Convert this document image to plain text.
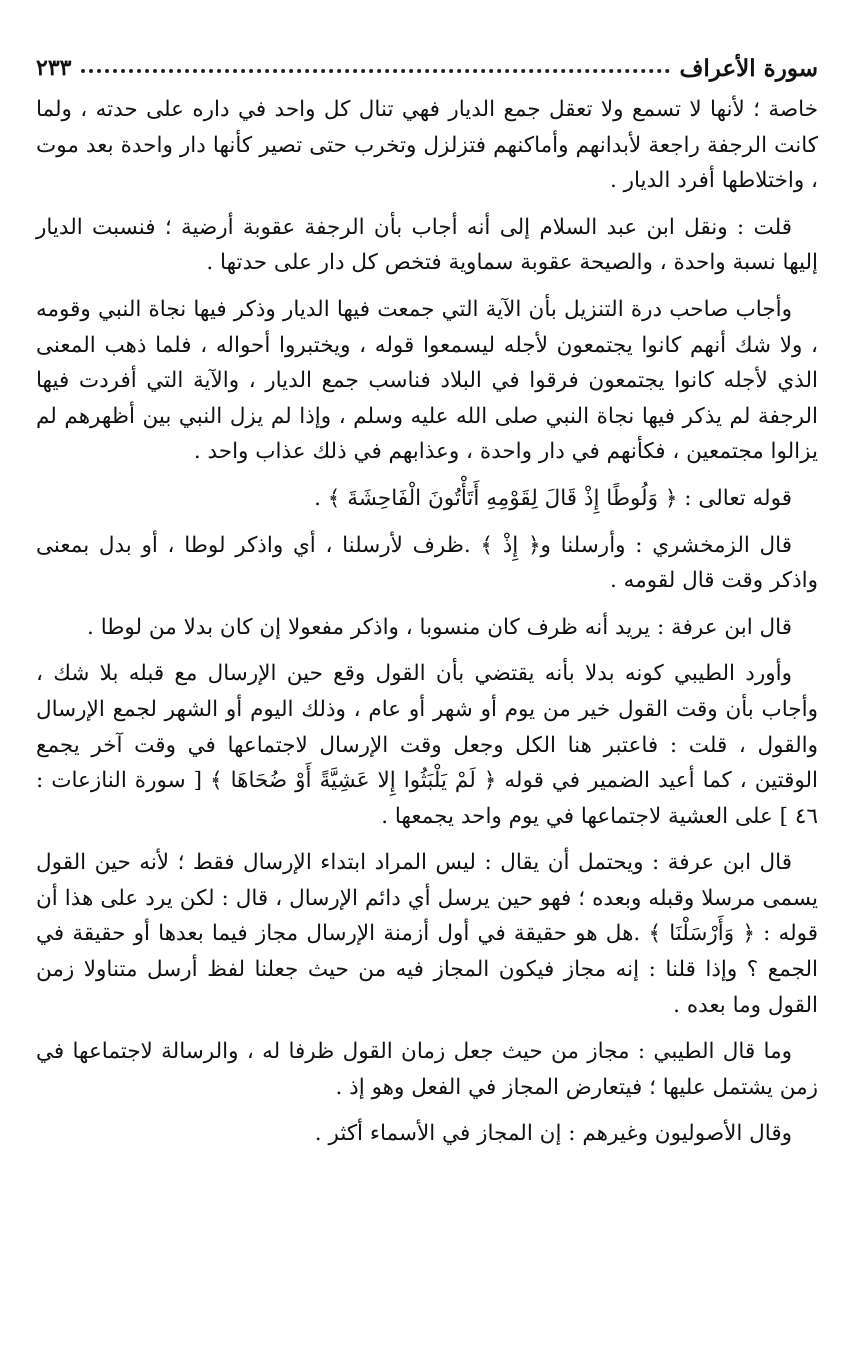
سورة الأعراف
٢٣٣

خاصة ؛ لأنها لا تسمع ولا تعقل جمع الديار فهي تنال كل واحد في داره على حدته ، ولما كانت الرجفة راجعة لأبدانهم وأماكنهم فتزلزل وتخرب حتى تصير كأنها دار واحدة بعد موت ، واختلاطها أفرد الديار .

قلت : ونقل ابن عبد السلام إلى أنه أجاب بأن الرجفة عقوبة أرضية ؛ فنسبت الديار إليها نسبة واحدة ، والصيحة عقوبة سماوية فتخص كل دار على حدتها .

وأجاب صاحب درة التنزيل بأن الآية التي جمعت فيها الديار وذكر فيها نجاة النبي وقومه ، ولا شك أنهم كانوا يجتمعون لأجله ليسمعوا قوله ، ويختبروا أحواله ، فلما ذهب المعنى الذي لأجله كانوا يجتمعون فرقوا في البلاد فناسب جمع الديار ، والآية التي أفردت فيها الرجفة لم يذكر فيها نجاة النبي صلى الله عليه وسلم ، وإذا لم يزل النبي بين أظهرهم لم يزالوا مجتمعين ، فكأنهم في دار واحدة ، وعذابهم في ذلك عذاب واحد .

قوله تعالى : ﴿ وَلُوطًا إِذْ قَالَ لِقَوْمِهِ أَتَأْتُونَ الْفَاحِشَةَ ﴾ .

قال الزمخشري : وأرسلنا و﴿ إِذْ ﴾ .ظرف لأرسلنا ، أي واذكر لوطا ، أو بدل بمعنى واذكر وقت قال لقومه .

قال ابن عرفة : يريد أنه ظرف كان منسوبا ، واذكر مفعولا إن كان بدلا من لوطا .

وأورد الطيبي كونه بدلا بأنه يقتضي بأن القول وقع حين الإرسال مع قبله بلا شك ، وأجاب بأن وقت القول خير من يوم أو شهر أو عام ، وذلك اليوم أو الشهر لجمع الإرسال والقول ، قلت : فاعتبر هنا الكل وجعل وقت الإرسال لاجتماعها في وقت آخر يجمع الوقتين ، كما أعيد الضمير في قوله ﴿ لَمْ يَلْبَثُوا إِلا عَشِيَّةً أَوْ ضُحَاهَا ﴾ [ سورة النازعات : ٤٦ ] على العشية لاجتماعها في يوم واحد يجمعها .

قال ابن عرفة : ويحتمل أن يقال : ليس المراد ابتداء الإرسال فقط ؛ لأنه حين القول يسمى مرسلا وقبله وبعده ؛ فهو حين يرسل أي دائم الإرسال ، قال : لكن يرد على هذا أن قوله : ﴿ وَأَرْسَلْنَا ﴾ .هل هو حقيقة في أول أزمنة الإرسال مجاز فيما بعدها أو حقيقة في الجمع ؟ وإذا قلنا : إنه مجاز فيكون المجاز فيه من حيث جعلنا لفظ أرسل متناولا زمن القول وما بعده .

وما قال الطيبي : مجاز من حيث جعل زمان القول ظرفا له ، والرسالة لاجتماعها في زمن يشتمل عليها ؛ فيتعارض المجاز في الفعل وهو إذ .

وقال الأصوليون وغيرهم : إن المجاز في الأسماء أكثر .
